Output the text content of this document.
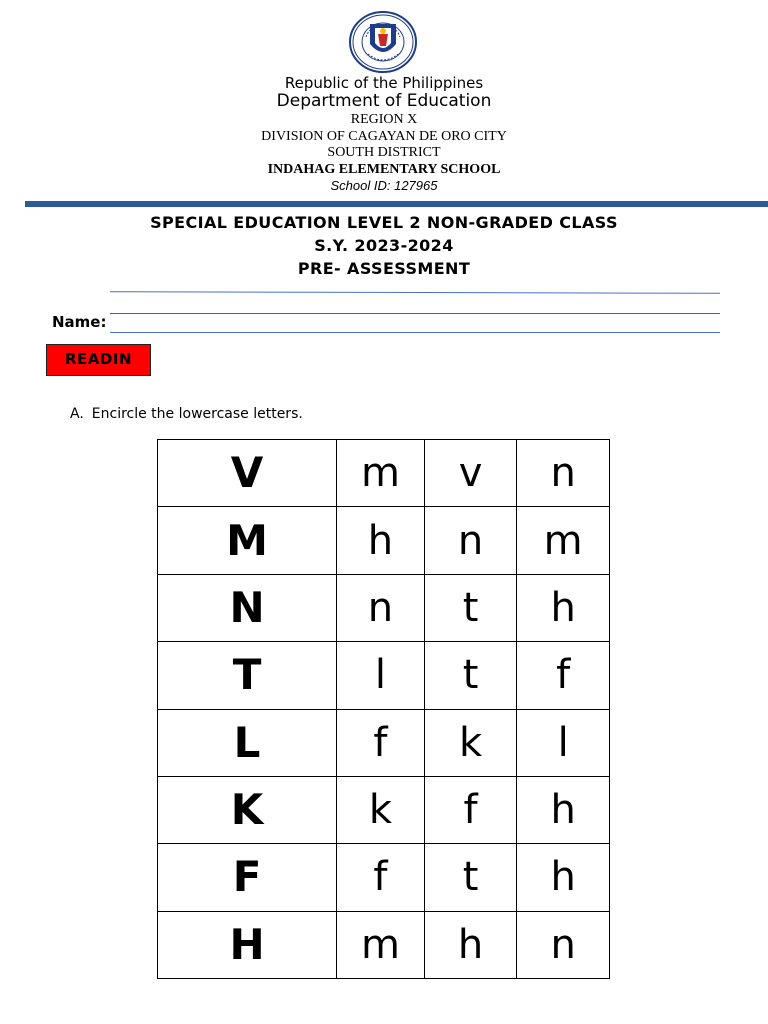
Republic of the Philippines
Department of Education
REGION X
DIVISION OF CAGAYAN DE ORO CITY
SOUTH DISTRICT
INDAHAG ELEMENTARY SCHOOL
School ID: 127965
SPECIAL EDUCATION LEVEL 2 NON-GRADED CLASS
S.Y. 2023-2024
PRE- ASSESSMENT
Name:
READIN
A. Encircle the lowercase letters.
V	m	v	n
M	h	n	m
N	n	t	h
T	l	t	f
L	f	k	l
K	k	f	h
F	f	t	h
H	m	h	n
